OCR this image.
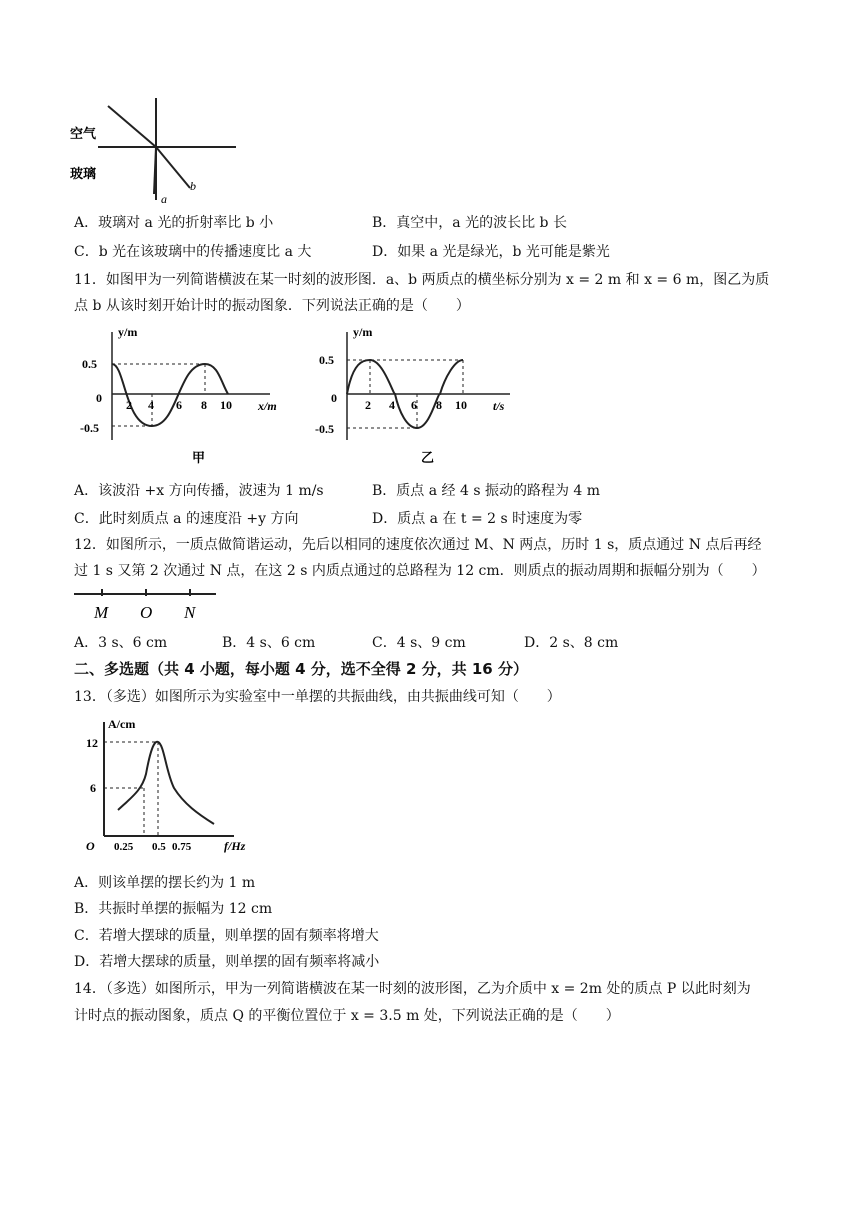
空气
玻璃
a
b
A．玻璃对 a 光的折射率比 b 小	B．真空中，a 光的波长比 b 长
C．b 光在该玻璃中的传播速度比 a 大	D．如果 a 光是绿光，b 光可能是紫光
11．如图甲为一列简谐横波在某一时刻的波形图．a、b 两质点的横坐标分别为 x = 2 m 和 x = 6 m，图乙为质
点 b 从该时刻开始计时的振动图象．下列说法正确的是（　　）
y/m
0.5
0
-0.5
2 4 6 8 10 x/m
甲
y/m
0.5
0
-0.5
2 4 6 8 10 t/s
乙
A．该波沿 +x 方向传播，波速为 1 m/s	B．质点 a 经 4 s 振动的路程为 4 m
C．此时刻质点 a 的速度沿 +y 方向	D．质点 a 在 t = 2 s 时速度为零
12．如图所示，一质点做简谐运动，先后以相同的速度依次通过 M、N 两点，历时 1 s，质点通过 N 点后再经
过 1 s 又第 2 次通过 N 点，在这 2 s 内质点通过的总路程为 12 cm．则质点的振动周期和振幅分别为（　　）
M O N
A．3 s、6 cm	B．4 s、6 cm	C．4 s、9 cm	D．2 s、8 cm
二、多选题（共 4 小题，每小题 4 分，选不全得 2 分，共 16 分）
13．（多选）如图所示为实验室中一单摆的共振曲线，由共振曲线可知（　　）
A/cm
12
6
O 0.25 0.5 0.75	f/Hz
A．则该单摆的摆长约为 1 m
B．共振时单摆的振幅为 12 cm
C．若增大摆球的质量，则单摆的固有频率将增大
D．若增大摆球的质量，则单摆的固有频率将减小
14．（多选）如图所示，甲为一列简谐横波在某一时刻的波形图，乙为介质中 x = 2m 处的质点 P 以此时刻为
计时点的振动图象，质点 Q 的平衡位置位于 x = 3.5 m 处，下列说法正确的是（　　）
